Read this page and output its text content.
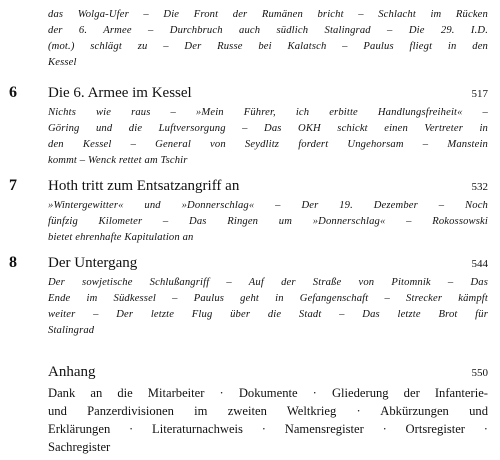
das Wolga-Ufer – Die Front der Rumänen bricht – Schlacht im Rücken
der 6. Armee – Durchbruch auch südlich Stalingrad – Die 29. I.D.
(mot.) schlägt zu – Der Russe bei Kalatsch – Paulus fliegt in den
Kessel
6 Die 6. Armee im Kessel	517
Nichts wie raus – »Mein Führer, ich erbitte Handlungsfreiheit« –
Göring und die Luftversorgung – Das OKH schickt einen Vertreter in
den Kessel – General von Seydlitz fordert Ungehorsam – Manstein
kommt – Wenck rettet am Tschir
7 Hoth tritt zum Entsatzangriff an	532
»Wintergewitter« und »Donnerschlag« – Der 19. Dezember – Noch
fünfzig Kilometer – Das Ringen um »Donnerschlag« – Rokossowski
bietet ehrenhafte Kapitulation an
8 Der Untergang	544
Der sowjetische Schlußangriff – Auf der Straße von Pitomnik – Das
Ende im Südkessel – Paulus geht in Gefangenschaft – Strecker kämpft
weiter – Der letzte Flug über die Stadt – Das letzte Brot für
Stalingrad
Anhang	550
Dank an die Mitarbeiter · Dokumente · Gliederung der Infanterie-
und Panzerdivisionen im zweiten Weltkrieg · Abkürzungen und
Erklärungen · Literaturnachweis · Namensregister · Ortsregister ·
Sachregister
